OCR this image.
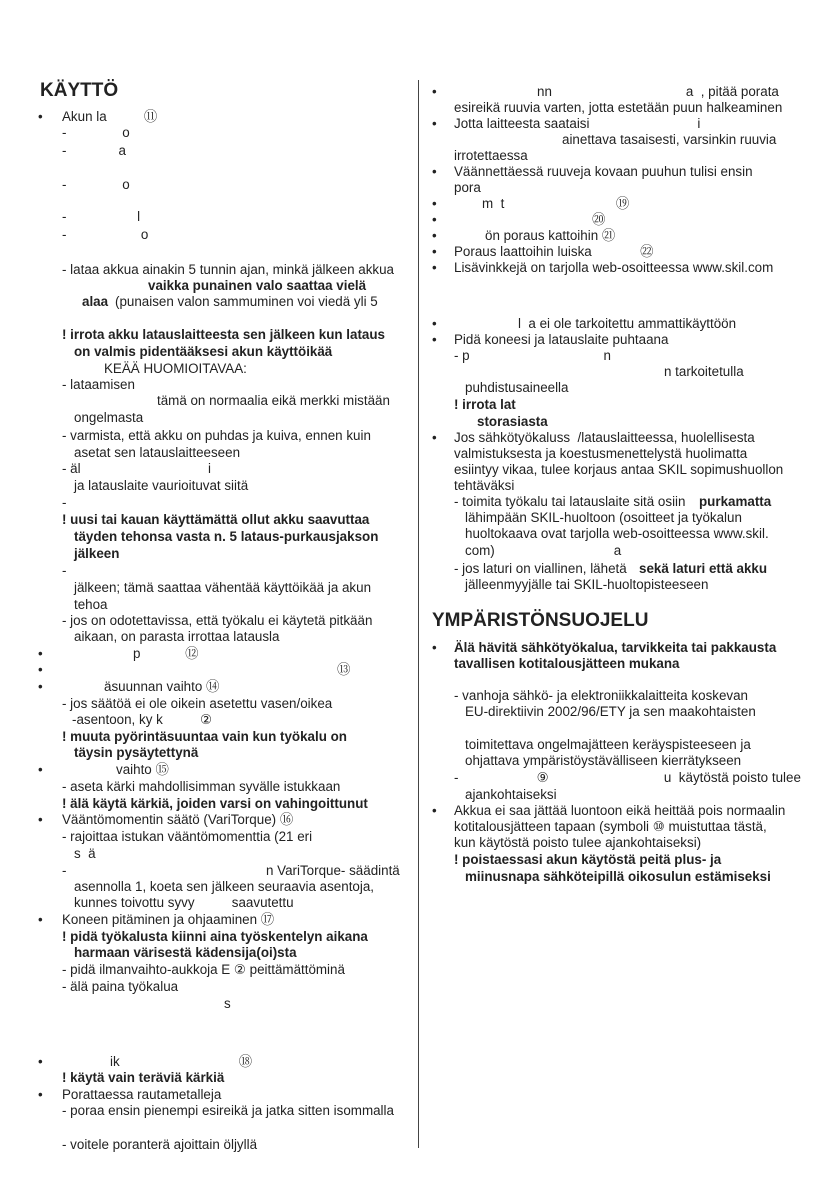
KÄYTTÖ

• Akun la          ⑪

-               o

-              a

-               o

-                   l

-                    o

- lataa akkua ainakin 5 tunnin ajan, minkä jälkeen akkua

vaikka punainen valo saattaa vielä

alaa (punaisen valon sammuminen voi viedä yli 5

! irrota akku latauslaitteesta sen jälkeen kun lataus

on valmis pidentääksesi akun käyttöikää

KEÄÄ HUOMIOITAVAA:

- lataamisen

tämä on normaalia eikä merkki mistään

ongelmasta

- varmista, että akku on puhdas ja kuiva, ennen kuin

asetat sen latauslaitteeseen

- äl	i

ja latauslaite vaurioituvat siitä

-

! uusi tai kauan käyttämättä ollut akku saavuttaa

täyden tehonsa vasta n. 5 lataus-purkausjakson

jälkeen

-

jälkeen; tämä saattaa vähentää käyttöikää ja akun

tehoa

- jos on odotettavissa, että työkalu ei käytetä pitkään

aikaan, on parasta irrottaa latausla

•	p            ⑫

•	⑬

•	äsuunnan vaihto ⑭

- jos säätöä ei ole oikein asetettu vasen/oikea

-asentoon, ky k          ②

! muuta pyörintäsuuntaa vain kun työkalu on

täysin pysäytettynä

•	vaihto ⑮

- aseta kärki mahdollisimman syvälle istukkaan

! älä käytä kärkiä, joiden varsi on vahingoittunut

• Vääntömomentin säätö (VariTorque) ⑯

- rajoittaa istukan vääntömomenttia (21 eri

s  ä

-	n VariTorque- säädintä

asennolla 1, koeta sen jälkeen seuraavia asentoja,

kunnes toivottu syvy          saavutettu

• Koneen pitäminen ja ohjaaminen ⑰

! pidä työkalusta kiinni aina työskentelyn aikana

harmaan värisestä kädensija(oi)sta

- pidä ilmanvaihto-aukkoja E ② peittämättöminä

- älä paina työkalua

s

•	ik                                ⑱

! käytä vain teräviä kärkiä

• Porattaessa rautametalleja

- poraa ensin pienempi esireikä ja jatka sitten isommalla

- voitele poranterä ajoittain öljyllä

•	nn                                    a  , pitää porata

esireikä ruuvia varten, jotta estetään puun halkeaminen

• Jotta laitteesta saataisi                             i

ainettava tasaisesti, varsinkin ruuvia

irrotettaessa

• Väännettäessä ruuveja kovaan puuhun tulisi ensin

pora

•	m  t                              ⑲

•	⑳

•	ön poraus kattoihin ㉑

• Poraus laattoihin luiska             ㉒

• Lisävinkkejä on tarjolla web-osoitteessa www.skil.com

•	l  a ei ole tarkoitettu ammattikäyttöön

• Pidä koneesi ja latauslaite puhtaana

- p                                    n

n tarkoitetulla

puhdistusaineella

! irrota lat

storasiasta

• Jos sähkötyökaluss  /latauslaitteessa, huolellisesta

valmistuksesta ja koestusmenettelystä huolimatta

esiintyy vikaa, tulee korjaus antaa SKIL sopimushuollon

tehtäväksi

- toimita työkalu tai latauslaite sitä osiin purkamatta

lähimpään SKIL-huoltoon (osoitteet ja työkalun

huoltokaava ovat tarjolla web-osoitteessa www.skil.

com)                                a

- jos laturi on viallinen, lähetä sekä laturi että akku

jälleenmyyjälle tai SKIL-huoltopisteeseen

YMPÄRISTÖNSUOJELU

• Älä hävitä sähkötyökalua, tarvikkeita tai pakkausta

tavallisen kotitalousjätteen mukana

- vanhoja sähkö- ja elektroniikkalaitteita koskevan

EU-direktiivin 2002/96/ETY ja sen maakohtaisten

toimitettava ongelmajätteen keräyspisteeseen ja

ohjattava ympäristöystävälliseen kierrätykseen

-                     ⑨                               u  käytöstä poisto tulee

ajankohtaiseksi

• Akkua ei saa jättää luontoon eikä heittää pois normaalin

kotitalousjätteen tapaan (symboli ⑩ muistuttaa tästä,

kun käytöstä poisto tulee ajankohtaiseksi)

! poistaessasi akun käytöstä peitä plus- ja

miinusnapa sähköteipillä oikosulun estämiseksi
